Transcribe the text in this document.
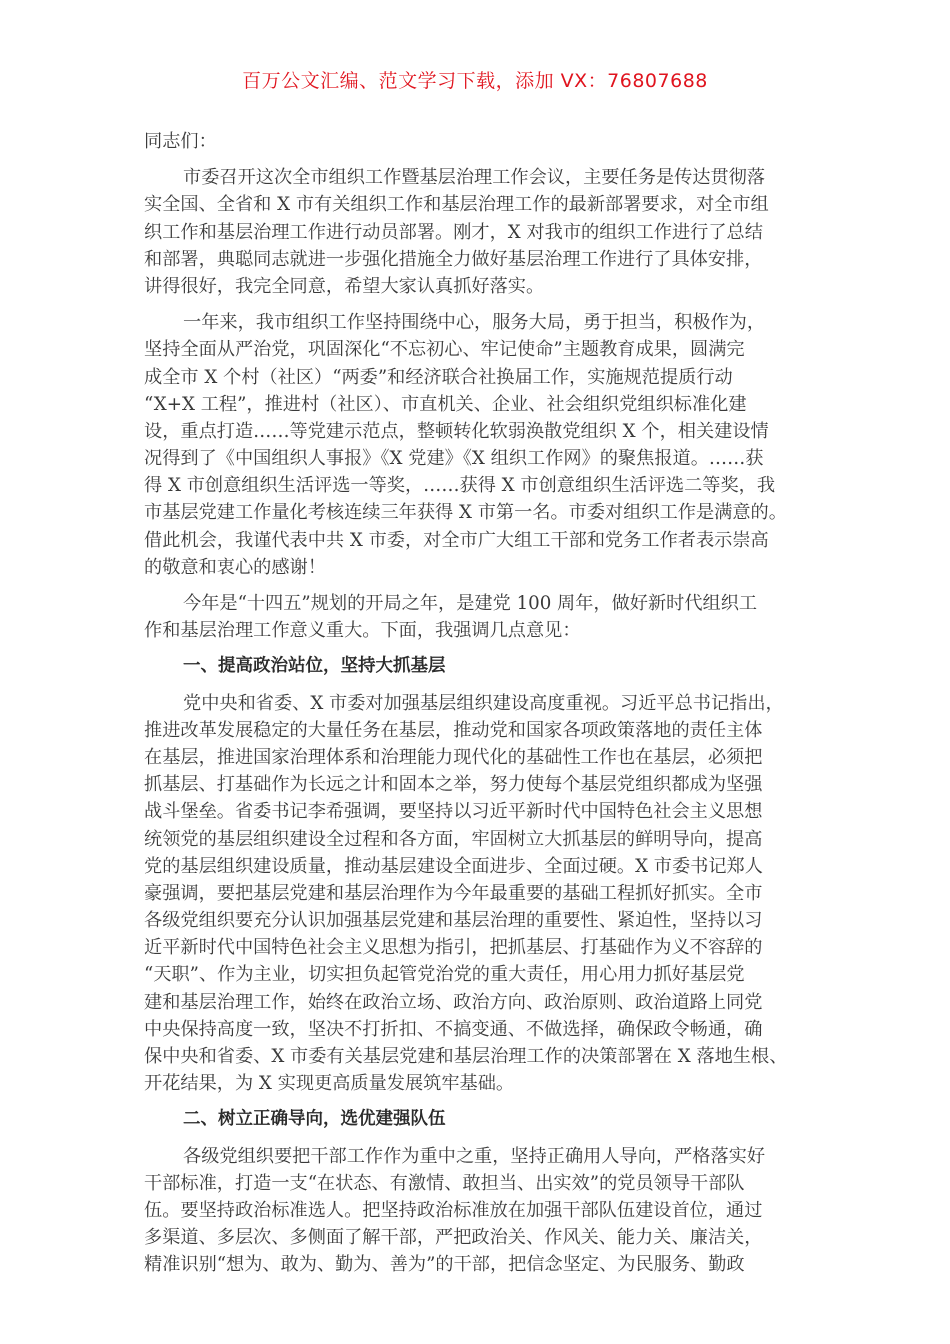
百万公文汇编、范文学习下载，添加 VX：76807688
同志们：
市委召开这次全市组织工作暨基层治理工作会议，主要任务是传达贯彻落
实全国、全省和 X 市有关组织工作和基层治理工作的最新部署要求，对全市组
织工作和基层治理工作进行动员部署。刚才，X 对我市的组织工作进行了总结
和部署，典聪同志就进一步强化措施全力做好基层治理工作进行了具体安排，
讲得很好，我完全同意，希望大家认真抓好落实。
一年来，我市组织工作坚持围绕中心，服务大局，勇于担当，积极作为，
坚持全面从严治党，巩固深化“不忘初心、牢记使命”主题教育成果，圆满完
成全市 X 个村（社区）“两委”和经济联合社换届工作，实施规范提质行动
“X+X 工程”，推进村（社区）、市直机关、企业、社会组织党组织标准化建
设，重点打造……等党建示范点，整顿转化软弱涣散党组织 X 个，相关建设情
况得到了《中国组织人事报》《X 党建》《X 组织工作网》的聚焦报道。……获
得 X 市创意组织生活评选一等奖，……获得 X 市创意组织生活评选二等奖，我
市基层党建工作量化考核连续三年获得 X 市第一名。市委对组织工作是满意的。
借此机会，我谨代表中共 X 市委，对全市广大组工干部和党务工作者表示崇高
的敬意和衷心的感谢！
今年是“十四五”规划的开局之年，是建党 100 周年，做好新时代组织工
作和基层治理工作意义重大。下面，我强调几点意见：
一、提高政治站位，坚持大抓基层
党中央和省委、X 市委对加强基层组织建设高度重视。习近平总书记指出，
推进改革发展稳定的大量任务在基层，推动党和国家各项政策落地的责任主体
在基层，推进国家治理体系和治理能力现代化的基础性工作也在基层，必须把
抓基层、打基础作为长远之计和固本之举，努力使每个基层党组织都成为坚强
战斗堡垒。省委书记李希强调，要坚持以习近平新时代中国特色社会主义思想
统领党的基层组织建设全过程和各方面，牢固树立大抓基层的鲜明导向，提高
党的基层组织建设质量，推动基层建设全面进步、全面过硬。X 市委书记郑人
豪强调，要把基层党建和基层治理作为今年最重要的基础工程抓好抓实。全市
各级党组织要充分认识加强基层党建和基层治理的重要性、紧迫性，坚持以习
近平新时代中国特色社会主义思想为指引，把抓基层、打基础作为义不容辞的
“天职”、作为主业，切实担负起管党治党的重大责任，用心用力抓好基层党
建和基层治理工作，始终在政治立场、政治方向、政治原则、政治道路上同党
中央保持高度一致，坚决不打折扣、不搞变通、不做选择，确保政令畅通，确
保中央和省委、X 市委有关基层党建和基层治理工作的决策部署在 X 落地生根、
开花结果，为 X 实现更高质量发展筑牢基础。
二、树立正确导向，选优建强队伍
各级党组织要把干部工作作为重中之重，坚持正确用人导向，严格落实好
干部标准，打造一支“在状态、有激情、敢担当、出实效”的党员领导干部队
伍。要坚持政治标准选人。把坚持政治标准放在加强干部队伍建设首位，通过
多渠道、多层次、多侧面了解干部，严把政治关、作风关、能力关、廉洁关，
精准识别“想为、敢为、勤为、善为”的干部，把信念坚定、为民服务、勤政
